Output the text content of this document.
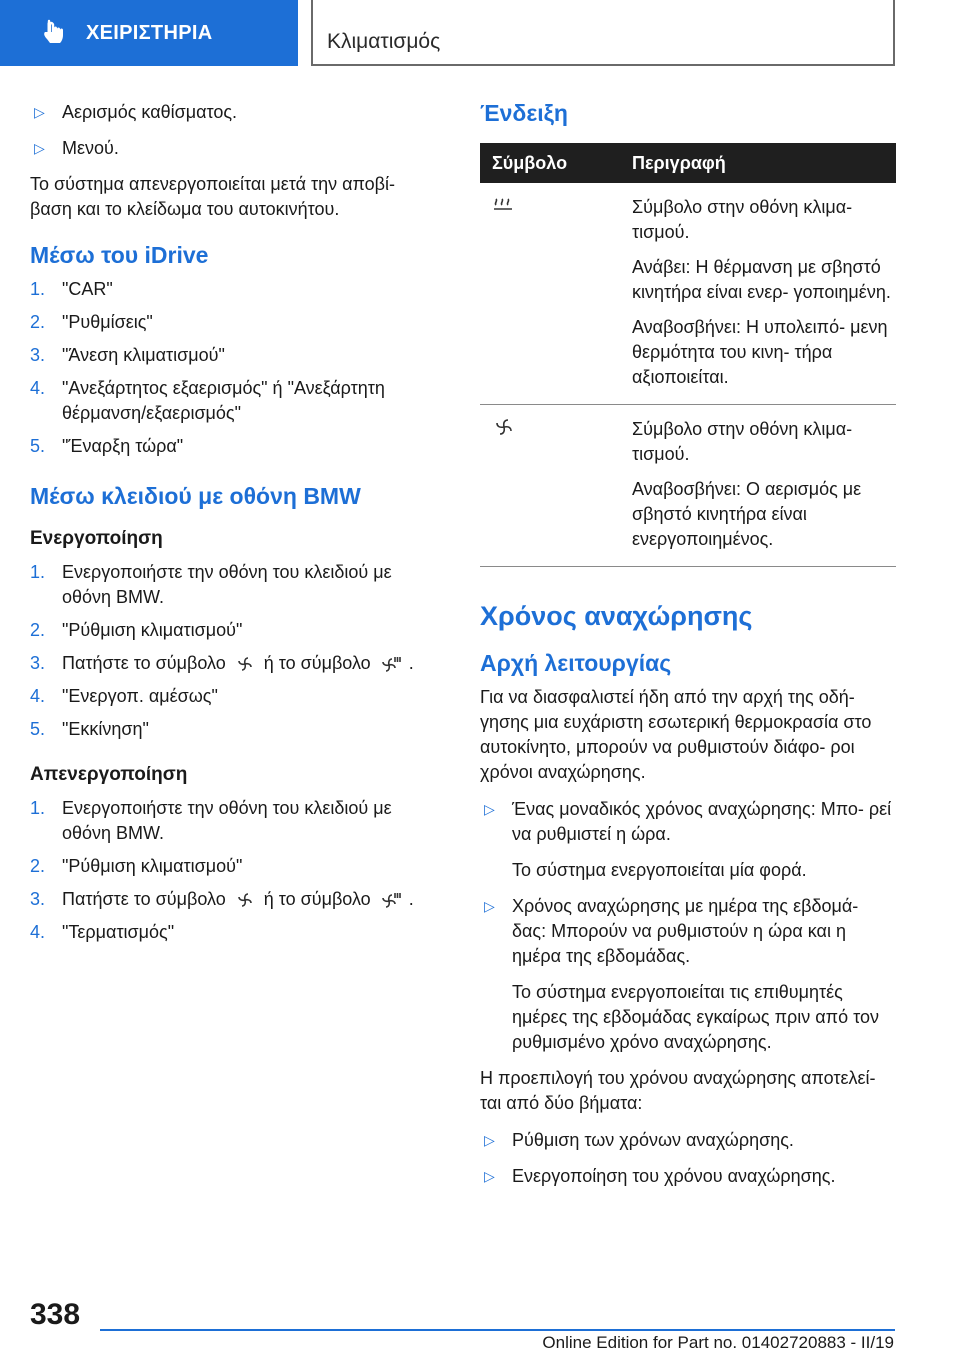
ΧΕΙΡΙΣΤΗΡΙΑ	Κλιματισμός
▷ Αερισμός καθίσματος.
▷ Μενού.

Το σύστημα απενεργοποιείται μετά την αποβί- βαση και το κλείδωμα του αυτοκινήτου.

Μέσω του iDrive
1. "CAR"
2. "Ρυθμίσεις"
3. "Άνεση κλιματισμού"
4. "Ανεξάρτητος εξαερισμός" ή "Ανεξάρτητη θέρμανση/εξαερισμός"
5. "Έναρξη τώρα"
Μέσω κλειδιού με οθόνη BMW
Ενεργοποίηση
1. Ενεργοποιήστε την οθόνη του κλειδιού με οθόνη BMW.
2. "Ρύθμιση κλιματισμού"
3. Πατήστε το σύμβολο ή το σύμβολο .
4. "Ενεργοπ. αμέσως"
5. "Εκκίνηση"
Απενεργοποίηση
1. Ενεργοποιήστε την οθόνη του κλειδιού με οθόνη BMW.
2. "Ρύθμιση κλιματισμού"
3. Πατήστε το σύμβολο ή το σύμβολο .
4. "Τερματισμός"
Ένδειξη
Σύμβολο	Περιγραφή

Σύμβολο στην οθόνη κλιμα- τισμού.
Ανάβει: Η θέρμανση με σβηστό κινητήρα είναι ενερ- γοποιημένη.
Αναβοσβήνει: Η υπολειπό- μενη θερμότητα του κινη- τήρα αξιοποιείται.

Σύμβολο στην οθόνη κλιμα- τισμού.
Αναβοσβήνει: Ο αερισμός με σβηστό κινητήρα είναι ενεργοποιημένος.
Χρόνος αναχώρησης
Αρχή λειτουργίας

Για να διασφαλιστεί ήδη από την αρχή της οδή- γησης μια ευχάριστη εσωτερική θερμοκρασία στο αυτοκίνητο, μπορούν να ρυθμιστούν διάφο- ροι χρόνοι αναχώρησης.

▷ Ένας μοναδικός χρόνος αναχώρησης: Μπο- ρεί να ρυθμιστεί η ώρα.
Το σύστημα ενεργοποιείται μία φορά.
▷ Χρόνος αναχώρησης με ημέρα της εβδομά- δας: Μπορούν να ρυθμιστούν η ώρα και η ημέρα της εβδομάδας.
Το σύστημα ενεργοποιείται τις επιθυμητές ημέρες της εβδομάδας εγκαίρως πριν από τον ρυθμισμένο χρόνο αναχώρησης.

Η προεπιλογή του χρόνου αναχώρησης αποτελεί- ται από δύο βήματα:

▷ Ρύθμιση των χρόνων αναχώρησης.
▷ Ενεργοποίηση του χρόνου αναχώρησης.
338
Online Edition for Part no. 01402720883 - II/19
